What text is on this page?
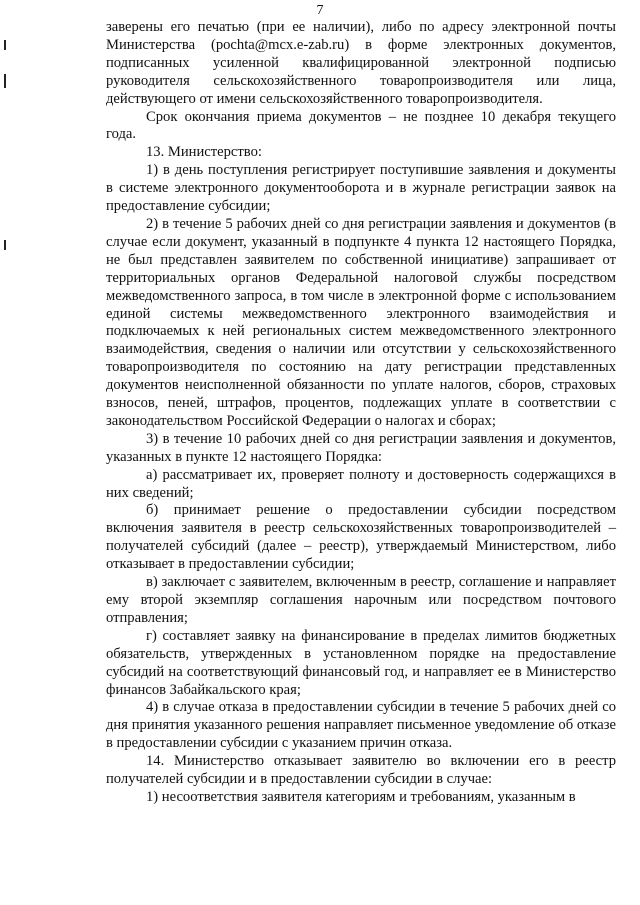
7

заверены его печатью (при ее наличии), либо по адресу электронной почты Министерства (pochta@mcx.e-zab.ru) в форме электронных документов, подписанных усиленной квалифицированной электронной подписью руководителя сельскохозяйственного товаропроизводителя или лица, действующего от имени сельскохозяйственного товаропроизводителя.

Срок окончания приема документов – не позднее 10 декабря текущего года.

13. Министерство:

1) в день поступления регистрирует поступившие заявления и документы в системе электронного документооборота и в журнале регистрации заявок на предоставление субсидии;

2) в течение 5 рабочих дней со дня регистрации заявления и документов (в случае если документ, указанный в подпункте 4 пункта 12 настоящего Порядка, не был представлен заявителем по собственной инициативе) запрашивает от территориальных органов Федеральной налоговой службы посредством межведомственного запроса, в том числе в электронной форме с использованием единой системы межведомственного электронного взаимодействия и подключаемых к ней региональных систем межведомственного электронного взаимодействия, сведения о наличии или отсутствии у сельскохозяйственного товаропроизводителя по состоянию на дату регистрации представленных документов неисполненной обязанности по уплате налогов, сборов, страховых взносов, пеней, штрафов, процентов, подлежащих уплате в соответствии с законодательством Российской Федерации о налогах и сборах;

3) в течение 10 рабочих дней со дня регистрации заявления и документов, указанных в пункте 12 настоящего Порядка:

а) рассматривает их, проверяет полноту и достоверность содержащихся в них сведений;

б) принимает решение о предоставлении субсидии посредством включения заявителя в реестр сельскохозяйственных товаропроизводителей – получателей субсидий (далее – реестр), утверждаемый Министерством, либо отказывает в предоставлении субсидии;

в) заключает с заявителем, включенным в реестр, соглашение и направляет ему второй экземпляр соглашения нарочным или посредством почтового отправления;

г) составляет заявку на финансирование в пределах лимитов бюджетных обязательств, утвержденных в установленном порядке на предоставление субсидий на соответствующий финансовый год, и направляет ее в Министерство финансов Забайкальского края;

4) в случае отказа в предоставлении субсидии в течение 5 рабочих дней со дня принятия указанного решения направляет письменное уведомление об отказе в предоставлении субсидии с указанием причин отказа.

14. Министерство отказывает заявителю во включении его в реестр получателей субсидии и в предоставлении субсидии в случае:

1) несоответствия заявителя категориям и требованиям, указанным в
